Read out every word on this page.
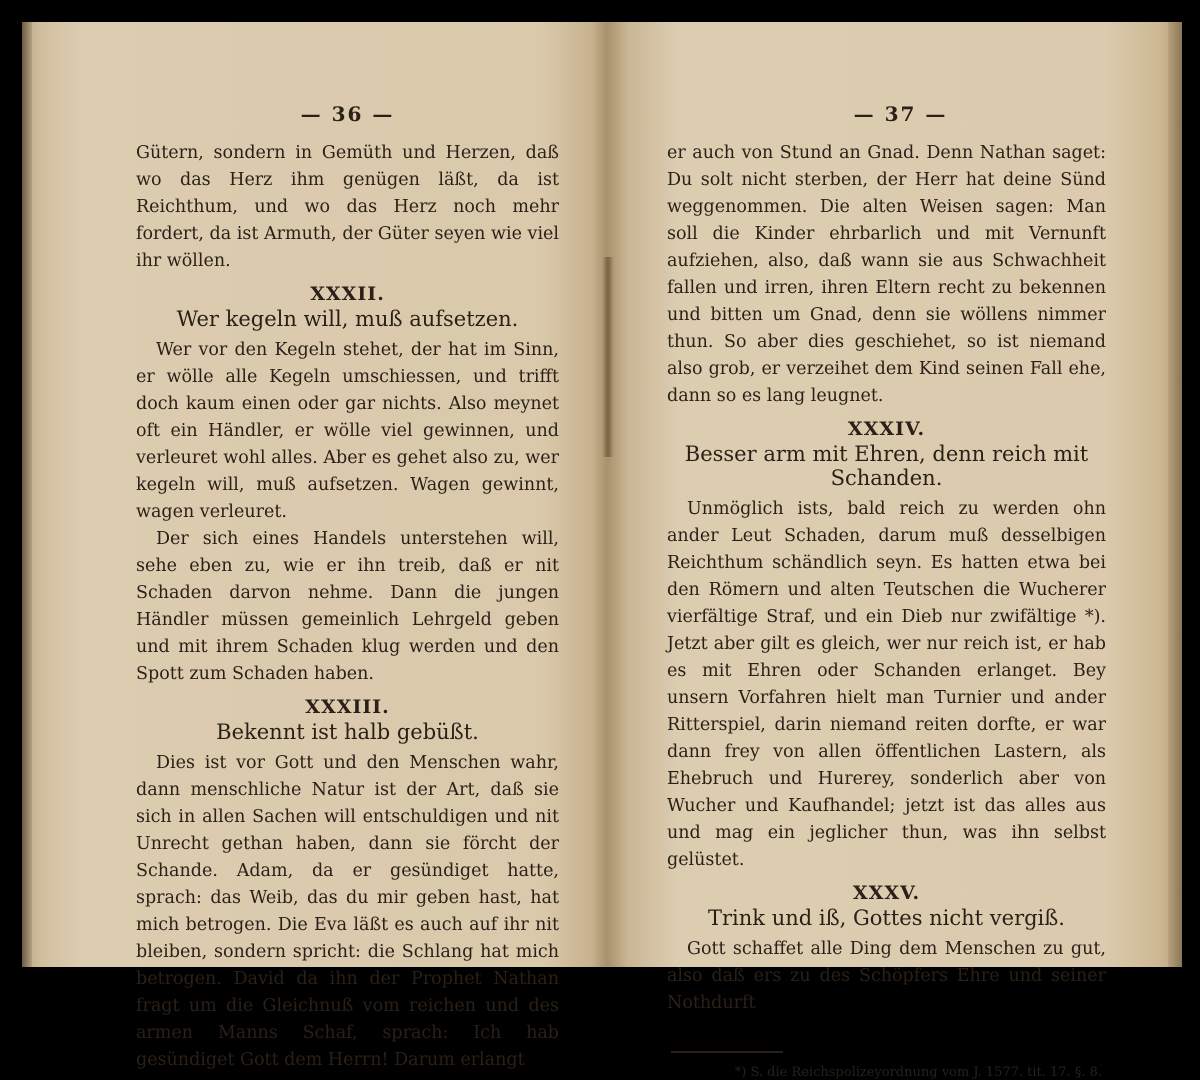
— 36 —

Gütern, sondern in Gemüth und Herzen, daß wo das Herz ihm genügen läßt, da ist Reichthum, und wo das Herz noch mehr fordert, da ist Armuth, der Güter seyen wie viel ihr wöllen.

XXXII.
Wer kegeln will, muß aufsetzen.

Wer vor den Kegeln stehet, der hat im Sinn, er wölle alle Kegeln umschiessen, und trifft doch kaum einen oder gar nichts. Also meynet oft ein Händler, er wölle viel gewinnen, und verleuret wohl alles. Aber es gehet also zu, wer kegeln will, muß aufsetzen. Wagen gewinnt, wagen verleuret.

Der sich eines Handels unterstehen will, sehe eben zu, wie er ihn treib, daß er nit Schaden darvon nehme. Dann die jungen Händler müssen gemeinlich Lehrgeld geben und mit ihrem Schaden klug werden und den Spott zum Schaden haben.

XXXIII.
Bekennt ist halb gebüßt.

Dies ist vor Gott und den Menschen wahr, dann menschliche Natur ist der Art, daß sie sich in allen Sachen will entschuldigen und nit Unrecht gethan haben, dann sie förcht der Schande. Adam, da er gesündiget hatte, sprach: das Weib, das du mir geben hast, hat mich betrogen. Die Eva läßt es auch auf ihr nit bleiben, sondern spricht: die Schlang hat mich betrogen. David da ihn der Prophet Nathan fragt um die Gleichnuß vom reichen und des armen Manns Schaf, sprach: Ich hab gesündiget Gott dem Herrn! Darum erlangt

— 37 —

er auch von Stund an Gnad. Denn Nathan saget: Du solt nicht sterben, der Herr hat deine Sünd weggenommen. Die alten Weisen sagen: Man soll die Kinder ehrbarlich und mit Vernunft aufziehen, also, daß wann sie aus Schwachheit fallen und irren, ihren Eltern recht zu bekennen und bitten um Gnad, denn sie wöllens nimmer thun. So aber dies geschiehet, so ist niemand also grob, er verzeihet dem Kind seinen Fall ehe, dann so es lang leugnet.

XXXIV.
Besser arm mit Ehren, denn reich mit Schanden.

Unmöglich ists, bald reich zu werden ohn ander Leut Schaden, darum muß desselbigen Reichthum schändlich seyn. Es hatten etwa bei den Römern und alten Teutschen die Wucherer vierfältige Straf, und ein Dieb nur zwifältige *). Jetzt aber gilt es gleich, wer nur reich ist, er hab es mit Ehren oder Schanden erlanget. Bey unsern Vorfahren hielt man Turnier und ander Ritterspiel, darin niemand reiten dorfte, er war dann frey von allen öffentlichen Lastern, als Ehebruch und Hurerey, sonderlich aber von Wucher und Kaufhandel; jetzt ist das alles aus und mag ein jeglicher thun, was ihn selbst gelüstet.

XXXV.
Trink und iß, Gottes nicht vergiß.

Gott schaffet alle Ding dem Menschen zu gut, also daß ers zu des Schöpfers Ehre und seiner Nothdurft

*) S. die Reichspolizeyordnung vom J. 1577. tit. 17. §. 8.
